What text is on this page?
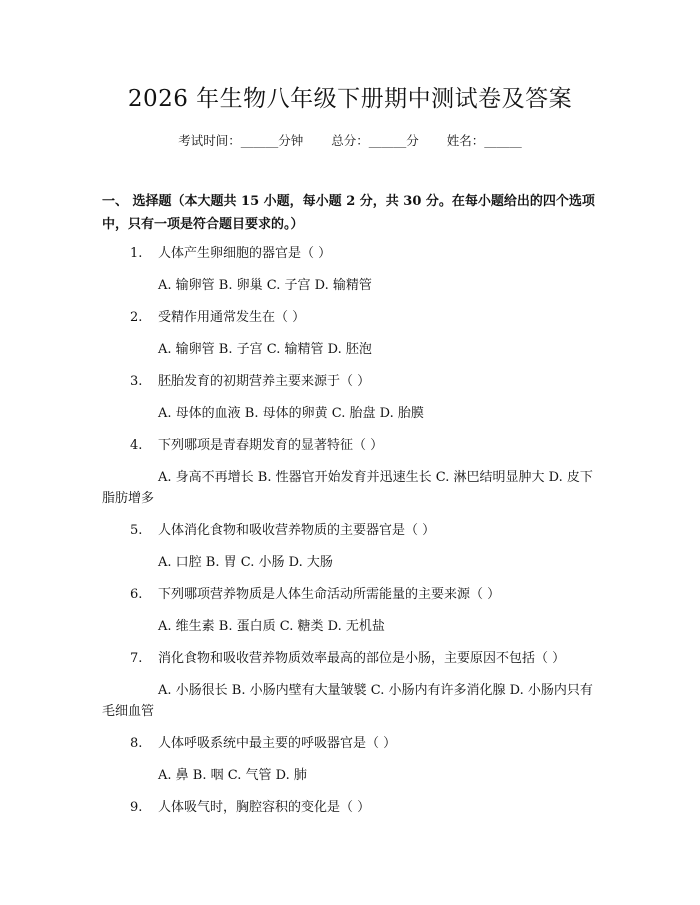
2026 年生物八年级下册期中测试卷及答案
考试时间：______分钟 总分：______分 姓名：______
一、 选择题（本大题共 15 小题，每小题 2 分，共 30 分。在每小题给出的四个选项中，只有一项是符合题目要求的。）
1. 人体产生卵细胞的器官是（ ）
A. 输卵管 B. 卵巢 C. 子宫 D. 输精管
2. 受精作用通常发生在（ ）
A. 输卵管 B. 子宫 C. 输精管 D. 胚泡
3. 胚胎发育的初期营养主要来源于（ ）
A. 母体的血液 B. 母体的卵黄 C. 胎盘 D. 胎膜
4. 下列哪项是青春期发育的显著特征（ ）
A. 身高不再增长 B. 性器官开始发育并迅速生长 C. 淋巴结明显肿大 D. 皮下脂肪增多
5. 人体消化食物和吸收营养物质的主要器官是（ ）
A. 口腔 B. 胃 C. 小肠 D. 大肠
6. 下列哪项营养物质是人体生命活动所需能量的主要来源（ ）
A. 维生素 B. 蛋白质 C. 糖类 D. 无机盐
7. 消化食物和吸收营养物质效率最高的部位是小肠，主要原因不包括（ ）
A. 小肠很长 B. 小肠内壁有大量皱襞 C. 小肠内有许多消化腺 D. 小肠内只有毛细血管
8. 人体呼吸系统中最主要的呼吸器官是（ ）
A. 鼻 B. 咽 C. 气管 D. 肺
9. 人体吸气时，胸腔容积的变化是（ ）
